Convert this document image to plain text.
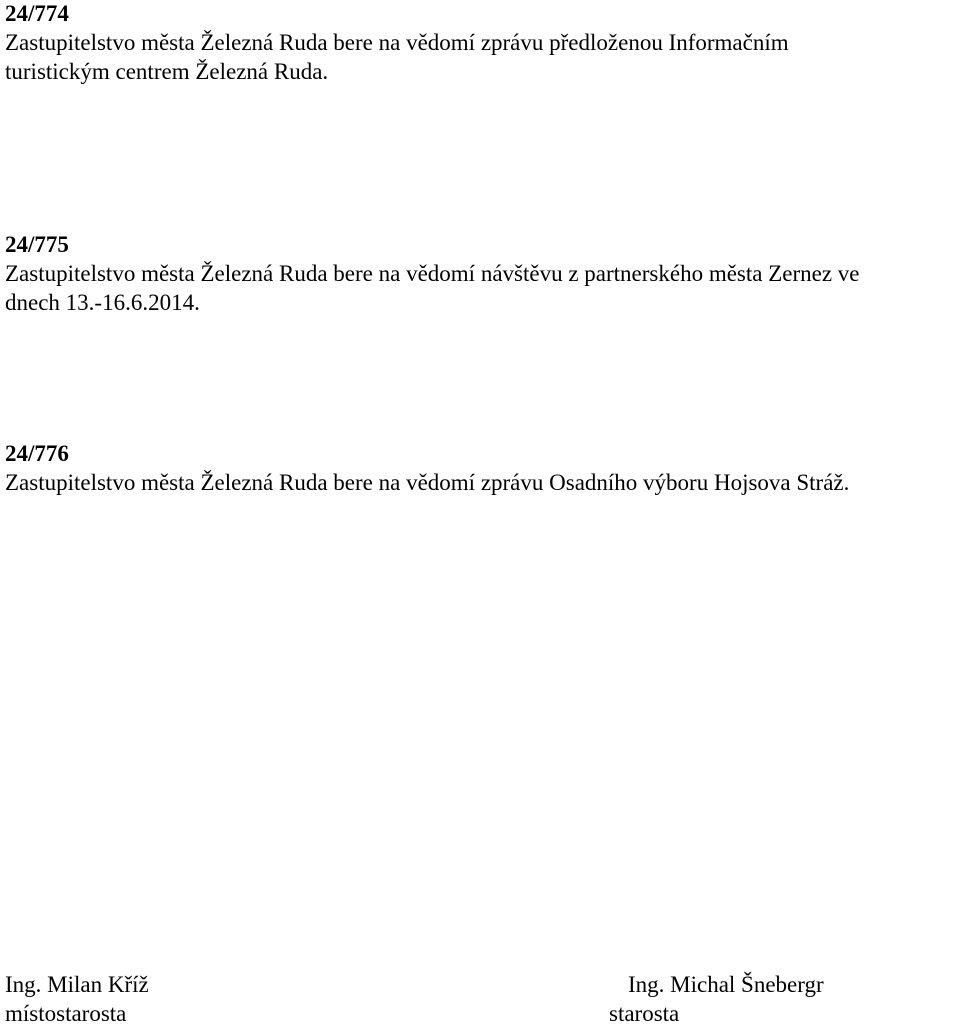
24/774
Zastupitelstvo města Železná Ruda bere na vědomí zprávu předloženou Informačním
turistickým centrem Železná Ruda.
24/775
Zastupitelstvo města Železná Ruda bere na vědomí návštěvu z partnerského města Zernez ve
dnech 13.-16.6.2014.
24/776
Zastupitelstvo města Železná Ruda bere na vědomí zprávu Osadního výboru Hojsova Stráž.
Ing. Milan Kříž
místostarosta
Ing. Michal Šnebergr
starosta
